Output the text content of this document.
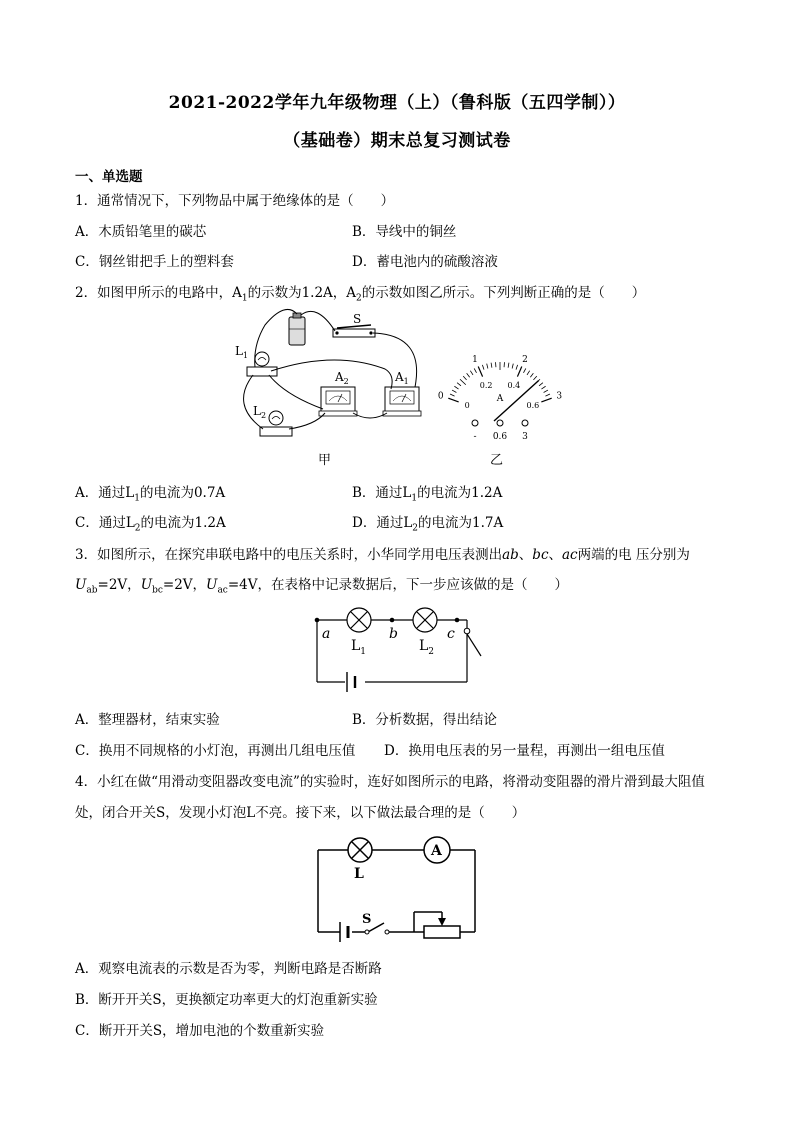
2021-2022学年九年级物理（上）（鲁科版（五四学制））
（基础卷）期末总复习测试卷
一、单选题
1．通常情况下，下列物品中属于绝缘体的是（　　）
A．木质铅笔里的碳芯	B．导线中的铜丝
C．钢丝钳把手上的塑料套	D．蓄电池内的硫酸溶液
2．如图甲所示的电路中，$A_1$的示数为1.2A，$A_2$的示数如图乙所示。下列判断正确的是（　　）
S
$L_1$
$L_2$
$A_2$	$A_1$
甲
0
1	2
3
0
0.2 0.4
0.6
A
- 0.6 3
乙
A．通过$L_1$的电流为0.7A	B．通过$L_1$的电流为1.2A
C．通过$L_2$的电流为1.2A	D．通过$L_2$的电流为1.7A
3．如图所示，在探究串联电路中的电压关系时，小华同学用电压表测出ab、bc、ac两端的电 压分别为
$U_{ab}=2V$，$U_{bc}=2V$，$U_{ac}=4V$，在表格中记录数据后，下一步应该做的是（　　）
a	b	c
$L_1$	$L_2$
A．整理器材，结束实验	B．分析数据，得出结论
C．换用不同规格的小灯泡，再测出几组电压值 D．换用电压表的另一量程，再测出一组电压值
4．小红在做“用滑动变阻器改变电流”的实验时，连好如图所示的电路，将滑动变阻器的滑片滑到最大阻值
处，闭合开关S，发现小灯泡L不亮。接下来，以下做法最合理的是（　　）
L
A
S
A．观察电流表的示数是否为零，判断电路是否断路
B．断开开关S，更换额定功率更大的灯泡重新实验
C．断开开关S，增加电池的个数重新实验
